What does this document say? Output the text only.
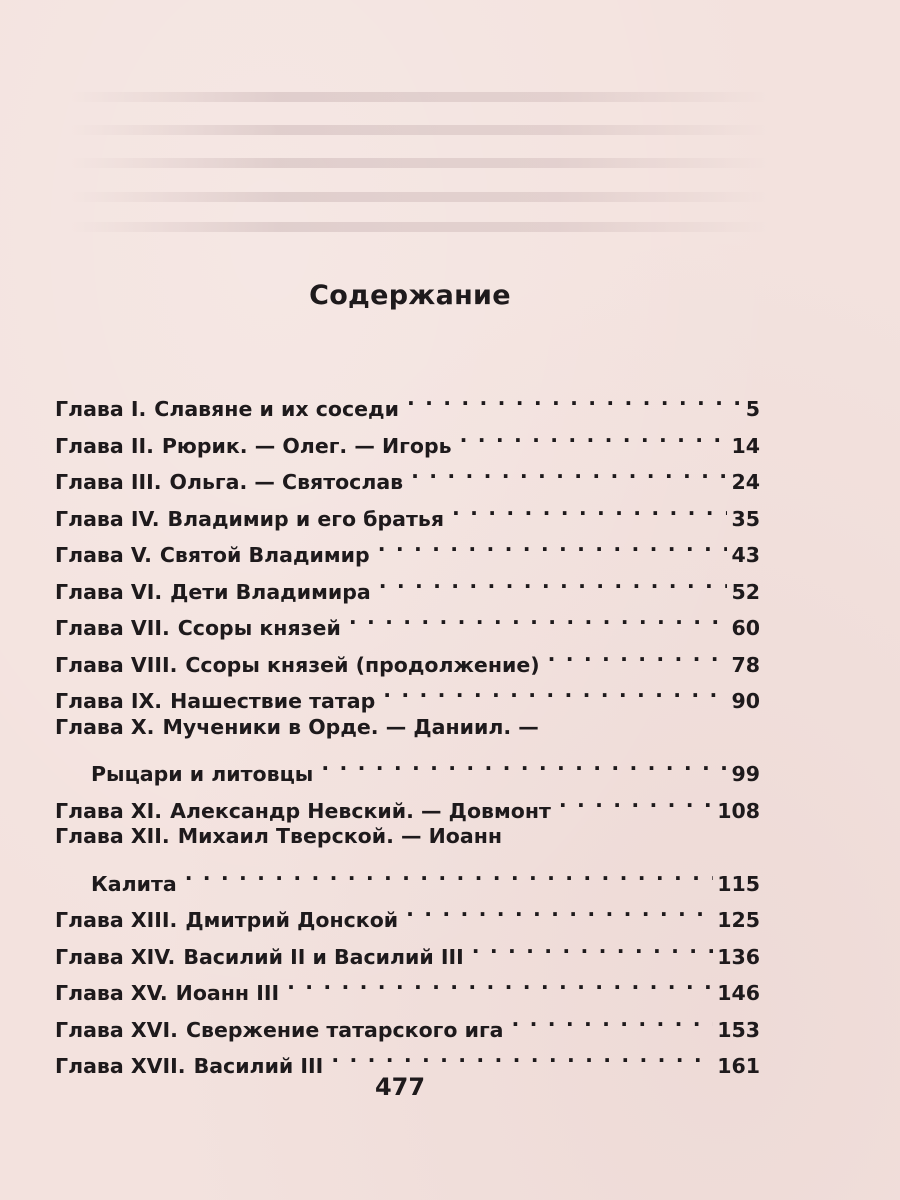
Содержание
Глава I. Славяне и их соседи . . .	5
Глава II. Рюрик. — Олег. — Игорь . . .	14
Глава III. Ольга. — Святослав . . .	24
Глава IV. Владимир и его братья . . .	35
Глава V. Святой Владимир . . .	43
Глава VI. Дети Владимира . . .	52
Глава VII. Ссоры князей . . .	60
Глава VIII. Ссоры князей (продолжение) . . .	78
Глава IX. Нашествие татар . . .	90
Глава X. Мученики в Орде. — Даниил. —
Рыцари и литовцы . . .	99
Глава XI. Александр Невский. — Довмонт . . .	108
Глава XII. Михаил Тверской. — Иоанн
Калита . . .	115
Глава XIII. Дмитрий Донской . . .	125
Глава XIV. Василий II и Василий III . . .	136
Глава XV. Иоанн III . . .	146
Глава XVI. Свержение татарского ига . . .	153
Глава XVII. Василий III . . .	161
477
